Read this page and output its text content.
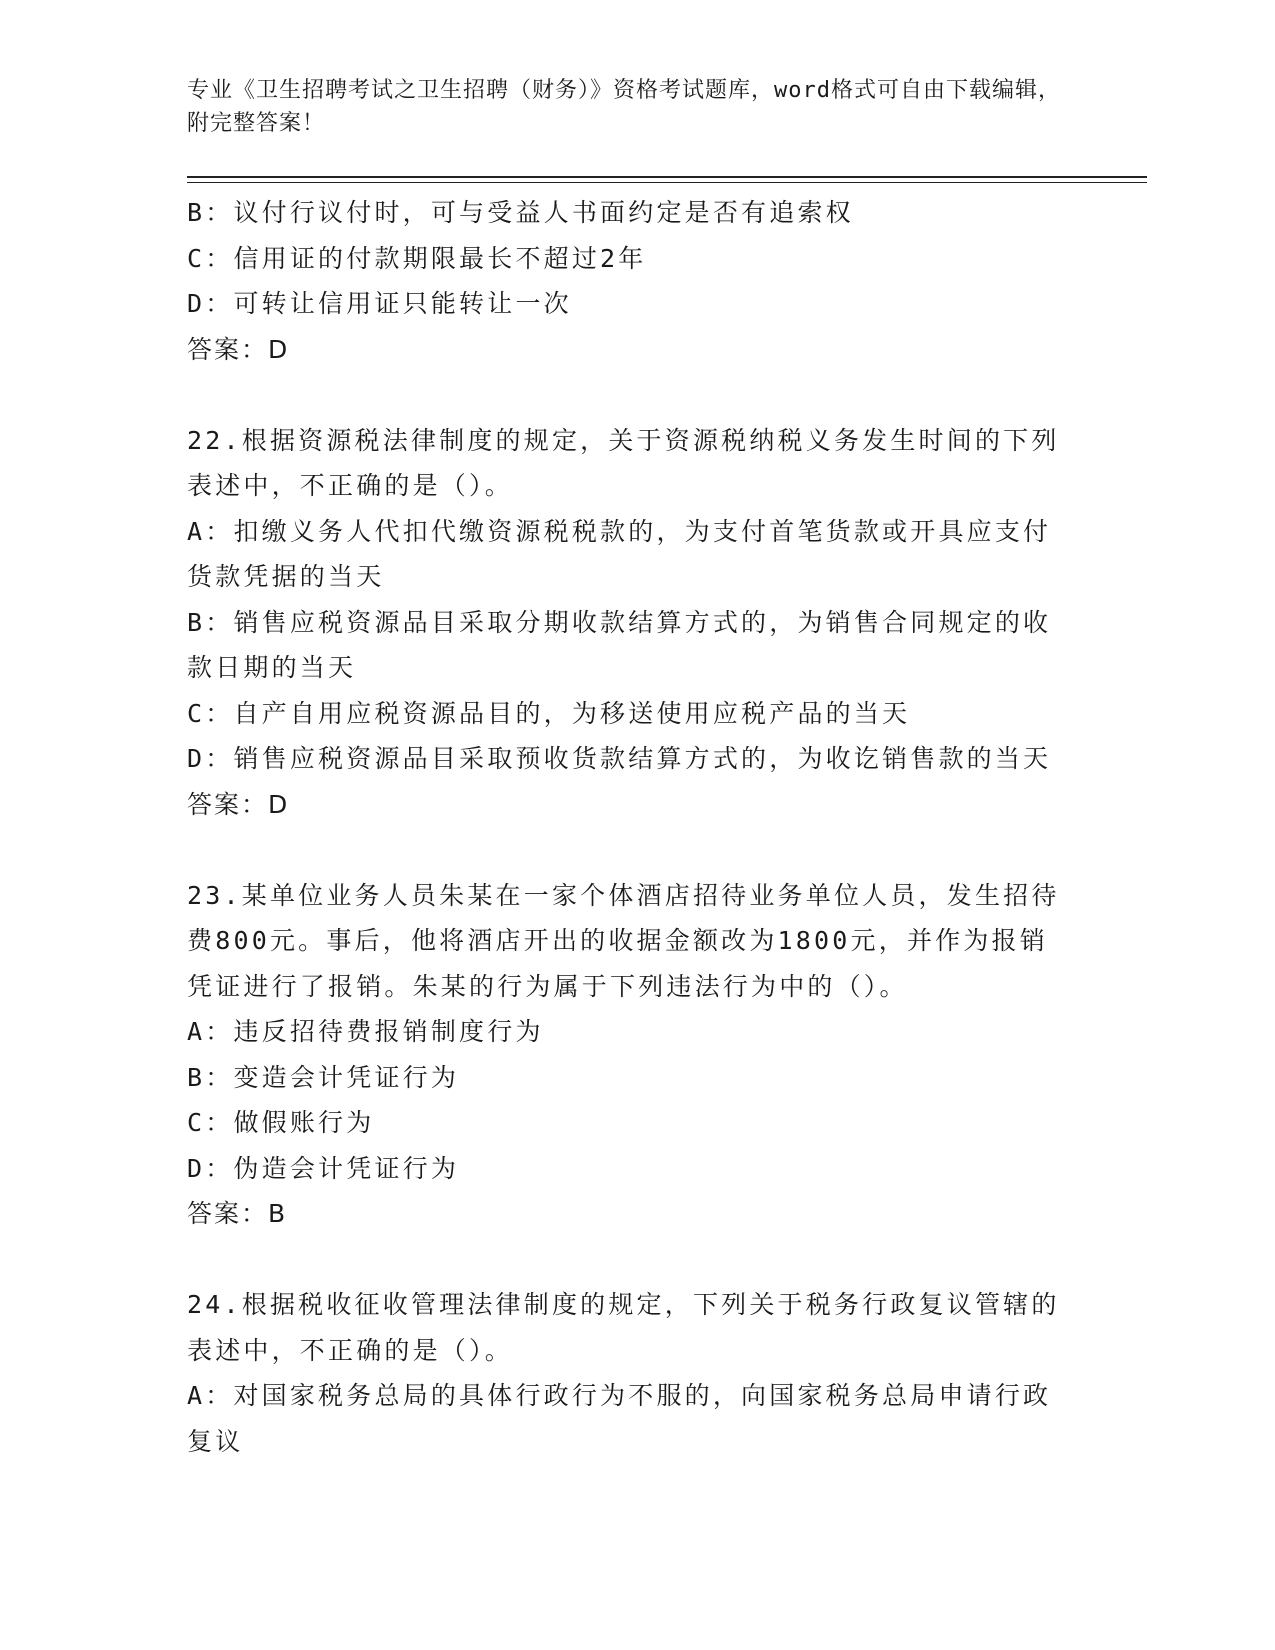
专业《卫生招聘考试之卫生招聘（财务）》资格考试题库，word格式可自由下载编辑，附完整答案！
B：议付行议付时，可与受益人书面约定是否有追索权
C：信用证的付款期限最长不超过2年
D：可转让信用证只能转让一次
答案：D
22.根据资源税法律制度的规定，关于资源税纳税义务发生时间的下列
表述中，不正确的是（）。
A：扣缴义务人代扣代缴资源税税款的，为支付首笔货款或开具应支付
货款凭据的当天
B：销售应税资源品目采取分期收款结算方式的，为销售合同规定的收
款日期的当天
C：自产自用应税资源品目的，为移送使用应税产品的当天
D：销售应税资源品目采取预收货款结算方式的，为收讫销售款的当天
答案：D
23.某单位业务人员朱某在一家个体酒店招待业务单位人员，发生招待
费800元。事后，他将酒店开出的收据金额改为1800元，并作为报销
凭证进行了报销。朱某的行为属于下列违法行为中的（）。
A：违反招待费报销制度行为
B：变造会计凭证行为
C：做假账行为
D：伪造会计凭证行为
答案：B
24.根据税收征收管理法律制度的规定，下列关于税务行政复议管辖的
表述中，不正确的是（）。
A：对国家税务总局的具体行政行为不服的，向国家税务总局申请行政
复议
